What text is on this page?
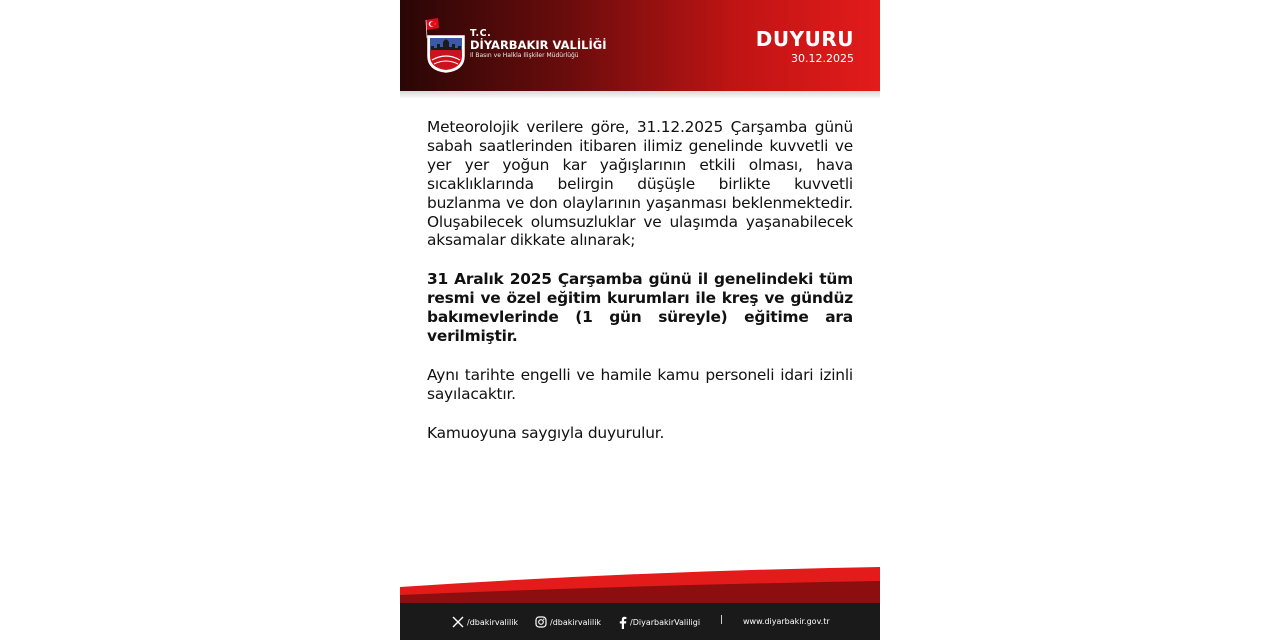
T.C.
DİYARBAKIR VALİLİĞİ
İl Basın ve Halkla İlişkiler Müdürlüğü
DUYURU
30.12.2025

Meteorolojik verilere göre, 31.12.2025 Çarşamba günü sabah saatlerinden itibaren ilimiz genelinde kuvvetli ve yer yer yoğun kar yağışlarının etkili olması, hava sıcaklıklarında belirgin düşüşle birlikte kuvvetli buzlanma ve don olaylarının yaşanması beklenmektedir. Oluşabilecek olumsuzluklar ve ulaşımda yaşanabilecek aksamalar dikkate alınarak;

31 Aralık 2025 Çarşamba günü il genelindeki tüm resmi ve özel eğitim kurumları ile kreş ve gündüz bakımevlerinde (1 gün süreyle) eğitime ara verilmiştir.

Aynı tarihte engelli ve hamile kamu personeli idari izinli sayılacaktır.

Kamuoyuna saygıyla duyurulur.

/dbakirvalilik	/dbakirvalilik	/DiyarbakirValiligi | www.diyarbakir.gov.tr
